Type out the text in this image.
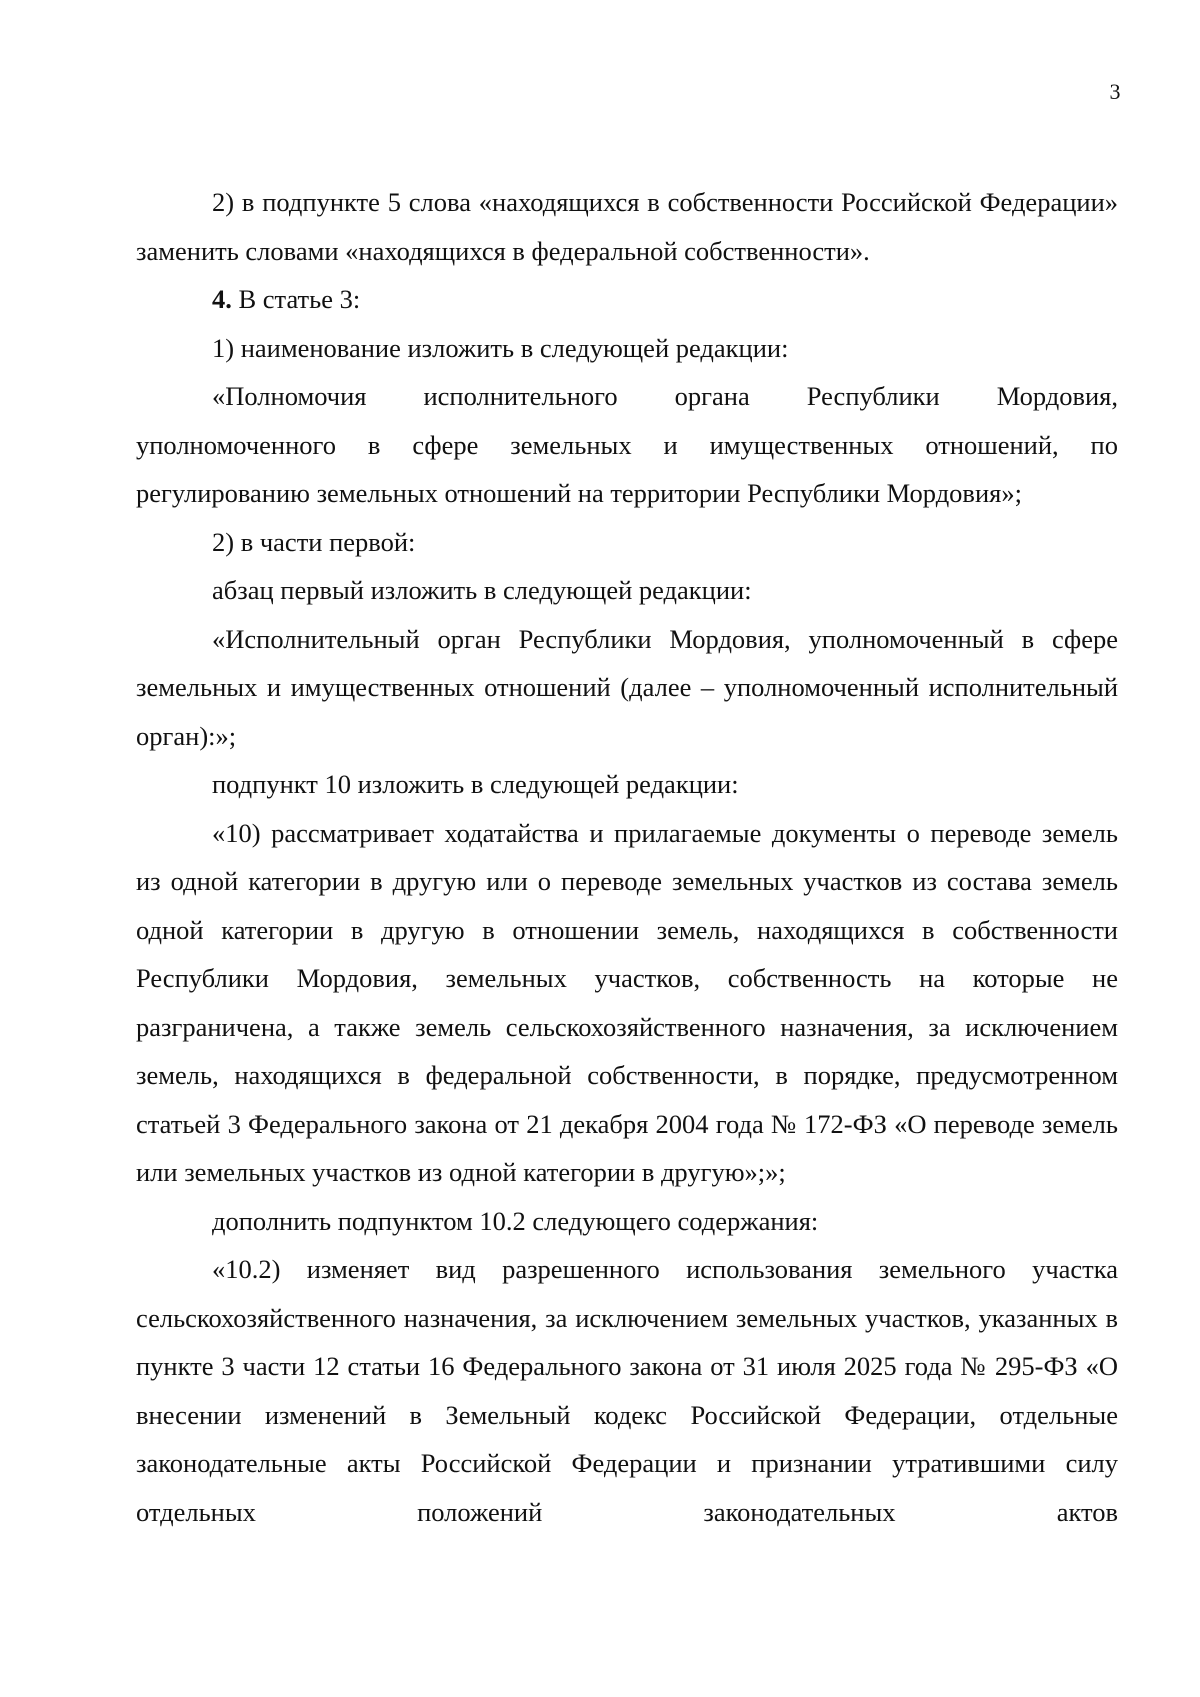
3

2) в подпункте 5 слова «находящихся в собственности Российской Федерации» заменить словами «находящихся в федеральной собственности».

4. В статье 3:

1) наименование изложить в следующей редакции:

«Полномочия исполнительного органа Республики Мордовия, уполномоченного в сфере земельных и имущественных отношений, по регулированию земельных отношений на территории Республики Мордовия»;

2) в части первой:

абзац первый изложить в следующей редакции:

«Исполнительный орган Республики Мордовия, уполномоченный в сфере земельных и имущественных отношений (далее – уполномоченный исполнительный орган):»;

подпункт 10 изложить в следующей редакции:

«10) рассматривает ходатайства и прилагаемые документы о переводе земель из одной категории в другую или о переводе земельных участков из состава земель одной категории в другую в отношении земель, находящихся в собственности Республики Мордовия, земельных участков, собственность на которые не разграничена, а также земель сельскохозяйственного назначения, за исключением земель, находящихся в федеральной собственности, в порядке, предусмотренном статьей 3 Федерального закона от 21 декабря 2004 года № 172-ФЗ «О переводе земель или земельных участков из одной категории в другую»;»;

дополнить подпунктом 10.2 следующего содержания:

«10.2) изменяет вид разрешенного использования земельного участка сельскохозяйственного назначения, за исключением земельных участков, указанных в пункте 3 части 12 статьи 16 Федерального закона от 31 июля 2025 года № 295-ФЗ «О внесении изменений в Земельный кодекс Российской Федерации, отдельные законодательные акты Российской Федерации и признании утратившими силу отдельных положений законодательных актов
